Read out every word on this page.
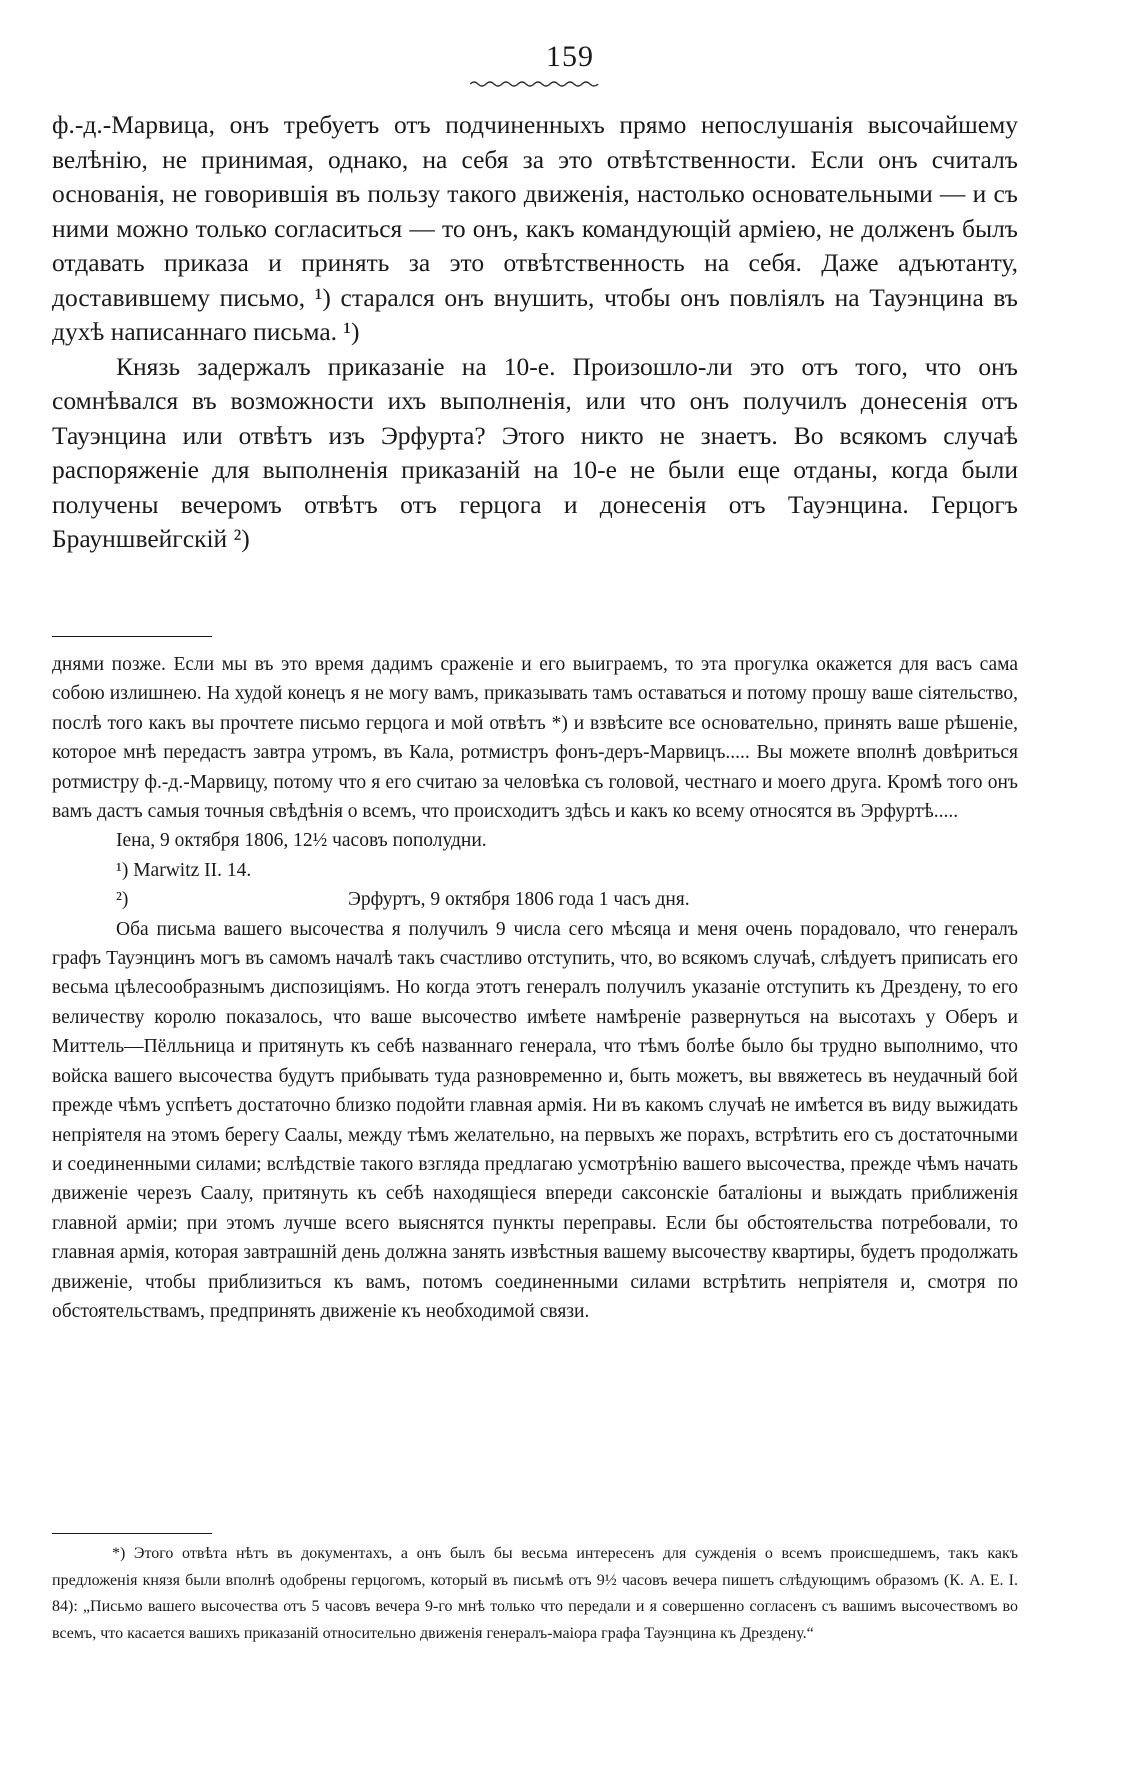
159

ф.-д.-Марвица, онъ требуетъ отъ подчиненныхъ прямо непослушанія высочайшему велѣнію, не принимая, однако, на себя за это отвѣтственности. Если онъ считалъ основанія, не говорившія въ пользу такого движенія, настолько основательными — и съ ними можно только согласиться — то онъ, какъ командующій арміею, не долженъ былъ отдавать приказа и принять за это отвѣтственность на себя. Даже адъютанту, доставившему письмо, ¹) старался онъ внушить, чтобы онъ повліялъ на Тауэнцина въ духѣ написаннаго письма. ¹)

Князь задержалъ приказаніе на 10-е. Произошло-ли это отъ того, что онъ сомнѣвался въ возможности ихъ выполненія, или что онъ получилъ донесенія отъ Тауэнцина или отвѣтъ изъ Эрфурта? Этого никто не знаетъ. Во всякомъ случаѣ распоряженіе для выполненія приказаній на 10-е не были еще отданы, когда были получены вечеромъ отвѣтъ отъ герцога и донесенія отъ Тауэнцина. Герцогъ Брауншвейгскій ²)

днями позже. Если мы въ это время дадимъ сраженіе и его выиграемъ, то эта прогулка окажется для васъ сама собою излишнею. На худой конецъ я не могу вамъ, приказывать тамъ оставаться и потому прошу ваше сіятельство, послѣ того какъ вы прочтете письмо герцога и мой отвѣтъ *) и взвѣсите все основательно, принять ваше рѣшеніе, которое мнѣ передастъ завтра утромъ, въ Кала, ротмистръ фонъ-деръ-Марвицъ..... Вы можете вполнѣ довѣриться ротмистру ф.-д.-Марвицу, потому что я его считаю за человѣка съ головой, честнаго и моего друга. Кромѣ того онъ вамъ дастъ самыя точныя свѣдѣнія о всемъ, что происходитъ здѣсь и какъ ко всему относятся въ Эрфуртѣ.....

Іена, 9 октября 1806, 12½ часовъ пополудни.

¹) Marwitz II. 14.

²)	Эрфуртъ, 9 октября 1806 года 1 часъ дня.

Оба письма вашего высочества я получилъ 9 числа сего мѣсяца и меня очень порадовало, что генералъ графъ Тауэнцинъ могъ въ самомъ началѣ такъ счастливо отступить, что, во всякомъ случаѣ, слѣдуетъ приписать его весьма цѣлесообразнымъ диспозиціямъ. Но когда этотъ генералъ получилъ указаніе отступить къ Дрездену, то его величеству королю показалось, что ваше высочество имѣете намѣреніе развернуться на высотахъ у Оберъ и Миттель—Пёлльница и притянуть къ себѣ названнаго генерала, что тѣмъ болѣе было бы трудно выполнимо, что войска вашего высочества будутъ прибывать туда разновременно и, быть можетъ, вы ввяжетесь въ неудачный бой прежде чѣмъ успѣетъ достаточно близко подойти главная армія. Ни въ какомъ случаѣ не имѣется въ виду выжидать непріятеля на этомъ берегу Саалы, между тѣмъ желательно, на первыхъ же порахъ, встрѣтить его съ достаточными и соединенными силами; вслѣдствіе такого взгляда предлагаю усмотрѣнію вашего высочества, прежде чѣмъ начать движеніе черезъ Саалу, притянуть къ себѣ находящіеся впереди саксонскіе баталіоны и выждать приближенія главной арміи; при этомъ лучше всего выяснятся пункты переправы. Если бы обстоятельства потребовали, то главная армія, которая завтрашній день должна занять извѣстныя вашему высочеству квартиры, будетъ продолжать движеніе, чтобы приблизиться къ вамъ, потомъ соединенными силами встрѣтить непріятеля и, смотря по обстоятельствамъ, предпринять движеніе къ необходимой связи.

*) Этого отвѣта нѣтъ въ документахъ, а онъ былъ бы весьма интересенъ для сужденія о всемъ происшедшемъ, такъ какъ предложенія князя были вполнѣ одобрены герцогомъ, который въ письмѣ отъ 9½ часовъ вечера пишетъ слѣдующимъ образомъ (К. А. Е. І. 84): „Письмо вашего высочества отъ 5 часовъ вечера 9-го мнѣ только что передали и я совершенно согласенъ съ вашимъ высочествомъ во всемъ, что касается вашихъ приказаній относительно движенія генералъ-маіора графа Тауэнцина къ Дрездену.“
